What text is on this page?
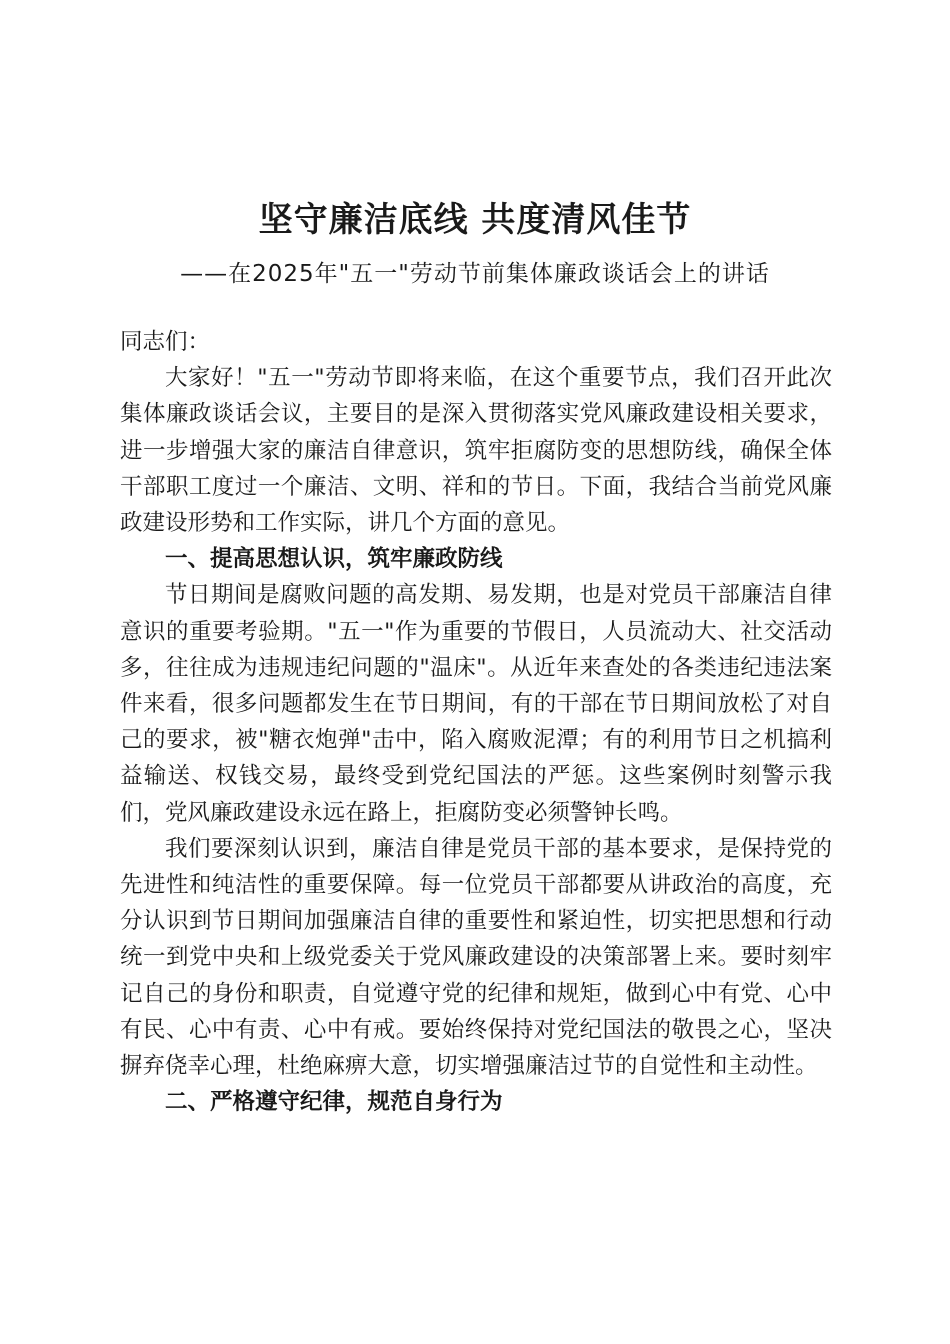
坚守廉洁底线 共度清风佳节
——在2025年"五一"劳动节前集体廉政谈话会上的讲话

同志们：

大家好！"五一"劳动节即将来临，在这个重要节点，我们召开此次集体廉政谈话会议，主要目的是深入贯彻落实党风廉政建设相关要求，进一步增强大家的廉洁自律意识，筑牢拒腐防变的思想防线，确保全体干部职工度过一个廉洁、文明、祥和的节日。下面，我结合当前党风廉政建设形势和工作实际，讲几个方面的意见。

一、提高思想认识，筑牢廉政防线

节日期间是腐败问题的高发期、易发期，也是对党员干部廉洁自律意识的重要考验期。"五一"作为重要的节假日，人员流动大、社交活动多，往往成为违规违纪问题的"温床"。从近年来查处的各类违纪违法案件来看，很多问题都发生在节日期间，有的干部在节日期间放松了对自己的要求，被"糖衣炮弹"击中，陷入腐败泥潭；有的利用节日之机搞利益输送、权钱交易，最终受到党纪国法的严惩。这些案例时刻警示我们，党风廉政建设永远在路上，拒腐防变必须警钟长鸣。

我们要深刻认识到，廉洁自律是党员干部的基本要求，是保持党的先进性和纯洁性的重要保障。每一位党员干部都要从讲政治的高度，充分认识到节日期间加强廉洁自律的重要性和紧迫性，切实把思想和行动统一到党中央和上级党委关于党风廉政建设的决策部署上来。要时刻牢记自己的身份和职责，自觉遵守党的纪律和规矩，做到心中有党、心中有民、心中有责、心中有戒。要始终保持对党纪国法的敬畏之心，坚决摒弃侥幸心理，杜绝麻痹大意，切实增强廉洁过节的自觉性和主动性。

二、严格遵守纪律，规范自身行为
